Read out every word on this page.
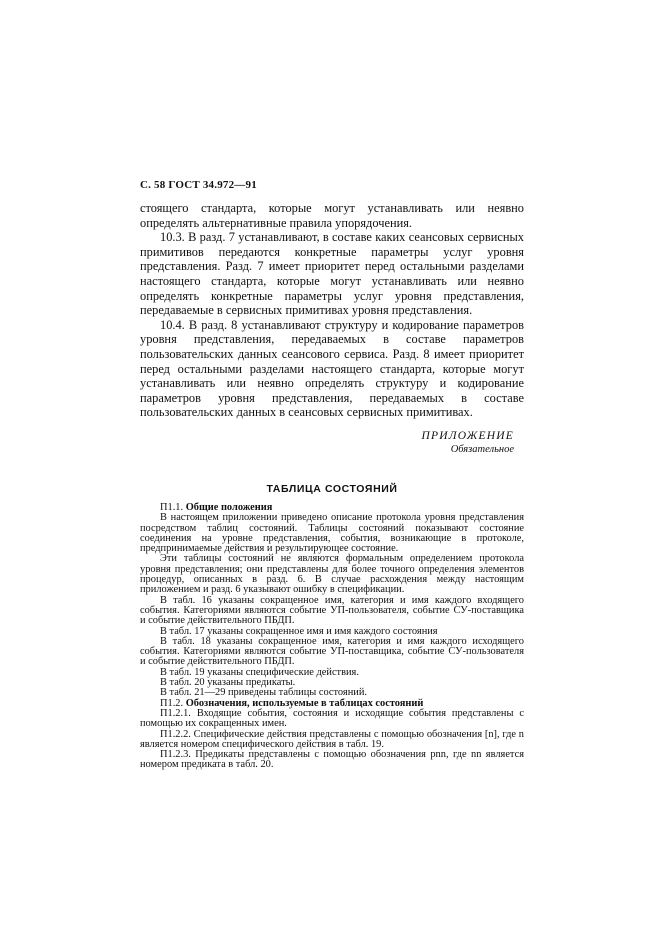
С. 58 ГОСТ 34.972—91

стоящего стандарта, которые могут устанавливать или неявно определять альтернативные правила упорядочения.

10.3. В разд. 7 устанавливают, в составе каких сеансовых сервисных примитивов передаются конкретные параметры услуг уровня представления. Разд. 7 имеет приоритет перед остальными разделами настоящего стандарта, которые могут устанавливать или неявно определять конкретные параметры услуг уровня представления, передаваемые в сервисных примитивах уровня представления.

10.4. В разд. 8 устанавливают структуру и кодирование параметров уровня представления, передаваемых в составе параметров пользовательских данных сеансового сервиса. Разд. 8 имеет приоритет перед остальными разделами настоящего стандарта, которые могут устанавливать или неявно определять структуру и кодирование параметров уровня представления, передаваемых в составе пользовательских данных в сеансовых сервисных примитивах.

ПРИЛОЖЕНИЕ
Обязательное
ТАБЛИЦА СОСТОЯНИЙ

П1.1. Общие положения

В настоящем приложении приведено описание протокола уровня представления посредством таблиц состояний. Таблицы состояний показывают состояние соединения на уровне представления, события, возникающие в протоколе, предпринимаемые действия и результирующее состояние.

Эти таблицы состояний не являются формальным определением протокола уровня представления; они представлены для более точного определения элементов процедур, описанных в разд. 6. В случае расхождения между настоящим приложением и разд. 6 указывают ошибку в спецификации.

В табл. 16 указаны сокращенное имя, категория и имя каждого входящего события. Категориями являются событие УП-пользователя, событие СУ-поставщика и событие действительного ПБДП.

В табл. 17 указаны сокращенное имя и имя каждого состояния

В табл. 18 указаны сокращенное имя, категория и имя каждого исходящего события. Категориями являются событие УП-поставщика, событие СУ-пользователя и событие действительного ПБДП.

В табл. 19 указаны специфические действия.

В табл. 20 указаны предикаты.

В табл. 21—29 приведены таблицы состояний.

П1.2. Обозначения, используемые в таблицах состояний

П1.2.1. Входящие события, состояния и исходящие события представлены с помощью их сокращенных имен.

П1.2.2. Специфические действия представлены с помощью обозначения [n], где n является номером специфического действия в табл. 19.

П1.2.3. Предикаты представлены с помощью обозначения pnn, где nn является номером предиката в табл. 20.
